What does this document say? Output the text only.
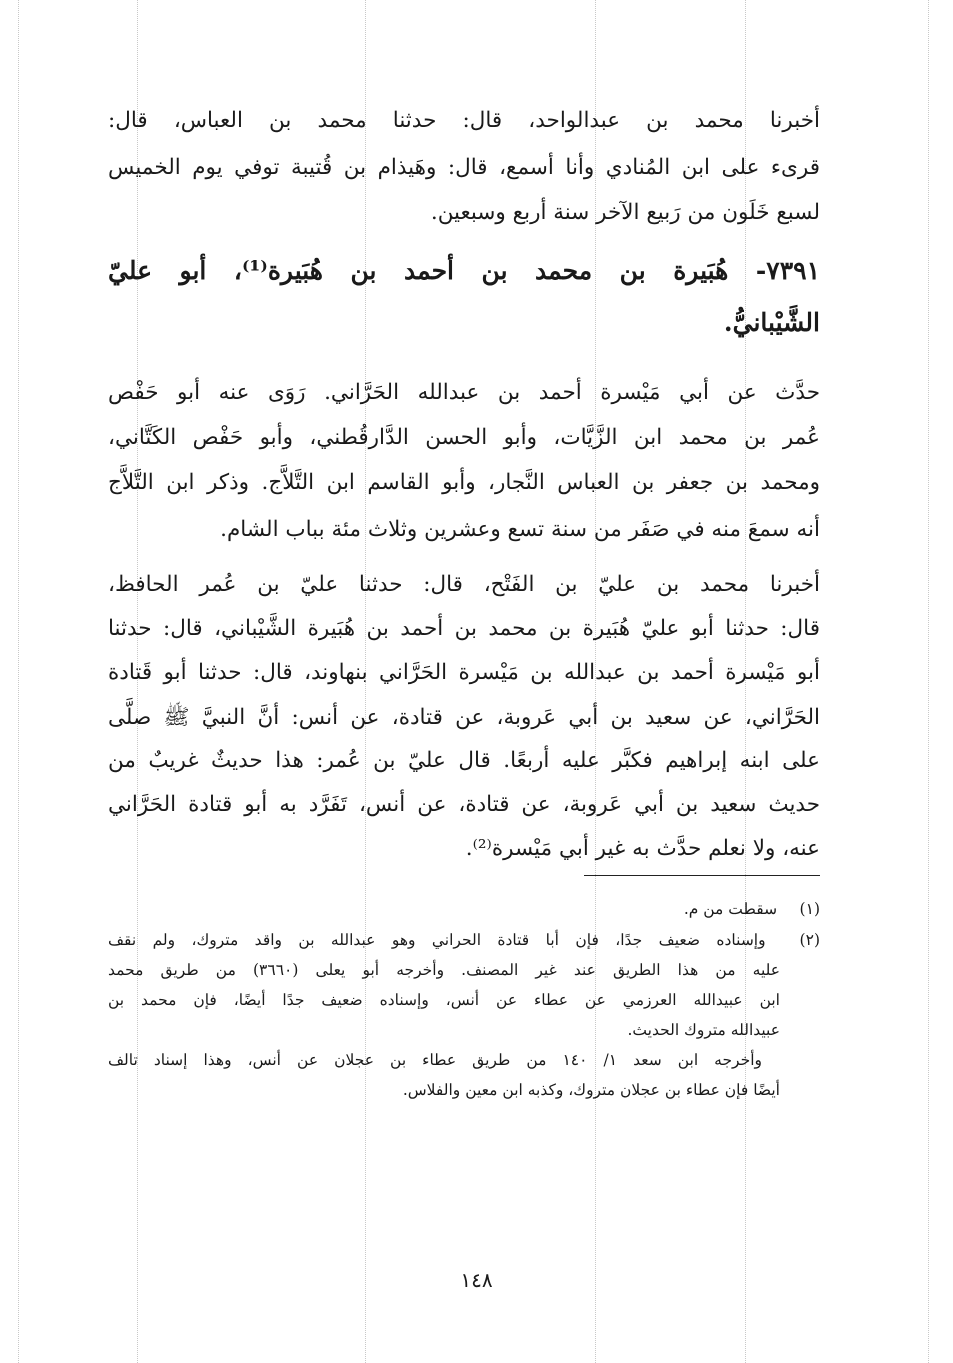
أخبرنا محمد بن عبدالواحد، قال: حدثنا محمد بن العباس، قال:
قرىء على ابن المُنادي وأنا أسمع، قال: وهَيذام بن قُتيبة توفي يوم الخميس
لسبع خَلَون من رَبيع الآخر سنة أربع وسبعين.
٧٣٩١- هُبَيرة بن محمد بن أحمد بن هُبَيرة⁽¹⁾، أبو عليّ
الشَّيْبانيُّ.
حدَّث عن أبي مَيْسرة أحمد بن عبدالله الحَرَّاني. رَوَى عنه أبو حَفْص
عُمر بن محمد ابن الزَّيَّات، وأبو الحسن الدَّارقُطني، وأبو حَفْص الكَتَّاني،
ومحمد بن جعفر بن العباس النَّجار، وأبو القاسم ابن التَّلاَّج. وذكر ابن التَّلاَّج
أنه سمعَ منه في صَفَر من سنة تسع وعشرين وثلاث مئة بباب الشام.
أخبرنا محمد بن عليّ بن الفَتْح، قال: حدثنا عليّ بن عُمر الحافظ،
قال: حدثنا أبو عليّ هُبَيرة بن محمد بن أحمد بن هُبَيرة الشَّيْباني، قال: حدثنا
أبو مَيْسرة أحمد بن عبدالله بن مَيْسرة الحَرَّاني بنهاوند، قال: حدثنا أبو قَتادة
الحَرَّاني، عن سعيد بن أبي عَروبة، عن قتادة، عن أنس: أنَّ النبيَّ ﷺ صلَّى
على ابنه إبراهيم فكبَّر عليه أربعًا. قال عليّ بن عُمر: هذا حديثٌ غريبٌ من
حديث سعيد بن أبي عَروبة، عن قتادة، عن أنس، تَفَرَّد به أبو قتادة الحَرَّاني
عنه، ولا نعلم حدَّث به غير أبي مَيْسرة⁽²⁾.
(١) سقطت من م.
(٢) وإسناده ضعيف جدًا، فإن أبا قتادة الحراني وهو عبدالله بن واقد متروك، ولم نقف
عليه من هذا الطريق عند غير المصنف. وأخرجه أبو يعلى (٣٦٦٠) من طريق محمد
ابن عبيدالله العرزمي عن عطاء عن أنس، وإسناده ضعيف جدًا أيضًا، فإن محمد بن
عبيدالله متروك الحديث.
وأخرجه ابن سعد ١/ ١٤٠ من طريق عطاء بن عجلان عن أنس، وهذا إسناد تالف
أيضًا فإن عطاء بن عجلان متروك، وكذبه ابن معين والفلاس.
١٤٨
